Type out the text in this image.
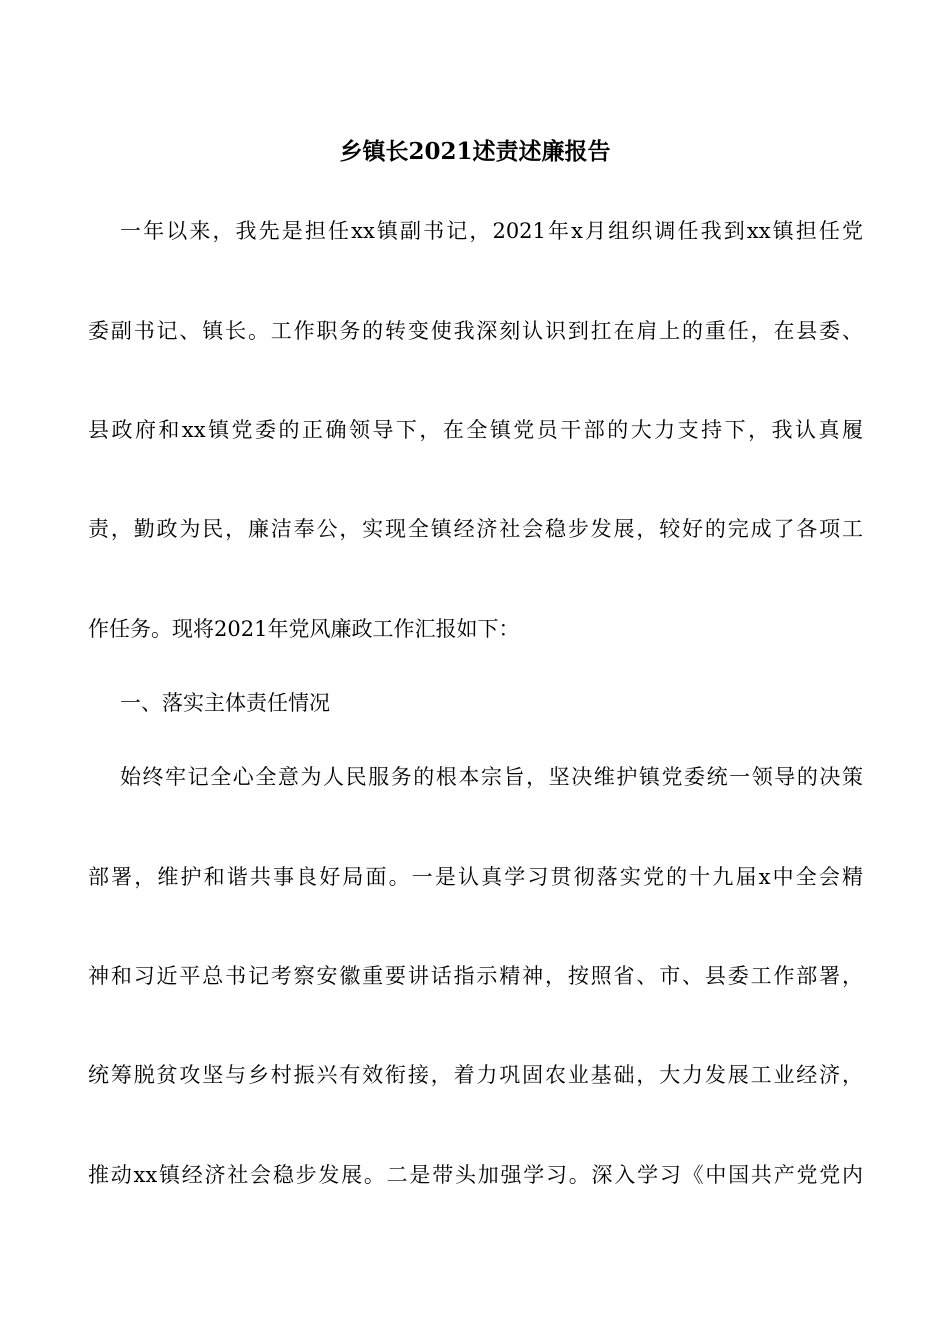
乡镇长2021述责述廉报告
一年以来，我先是担任xx镇副书记，2021年x月组织调任我到xx镇担任党
委副书记、镇长。工作职务的转变使我深刻认识到扛在肩上的重任，在县委、
县政府和xx镇党委的正确领导下，在全镇党员干部的大力支持下，我认真履
责，勤政为民，廉洁奉公，实现全镇经济社会稳步发展，较好的完成了各项工
作任务。现将2021年党风廉政工作汇报如下：
一、落实主体责任情况
始终牢记全心全意为人民服务的根本宗旨，坚决维护镇党委统一领导的决策
部署，维护和谐共事良好局面。一是认真学习贯彻落实党的十九届x中全会精
神和习近平总书记考察安徽重要讲话指示精神，按照省、市、县委工作部署，
统筹脱贫攻坚与乡村振兴有效衔接，着力巩固农业基础，大力发展工业经济，
推动xx镇经济社会稳步发展。二是带头加强学习。深入学习《中国共产党党内
